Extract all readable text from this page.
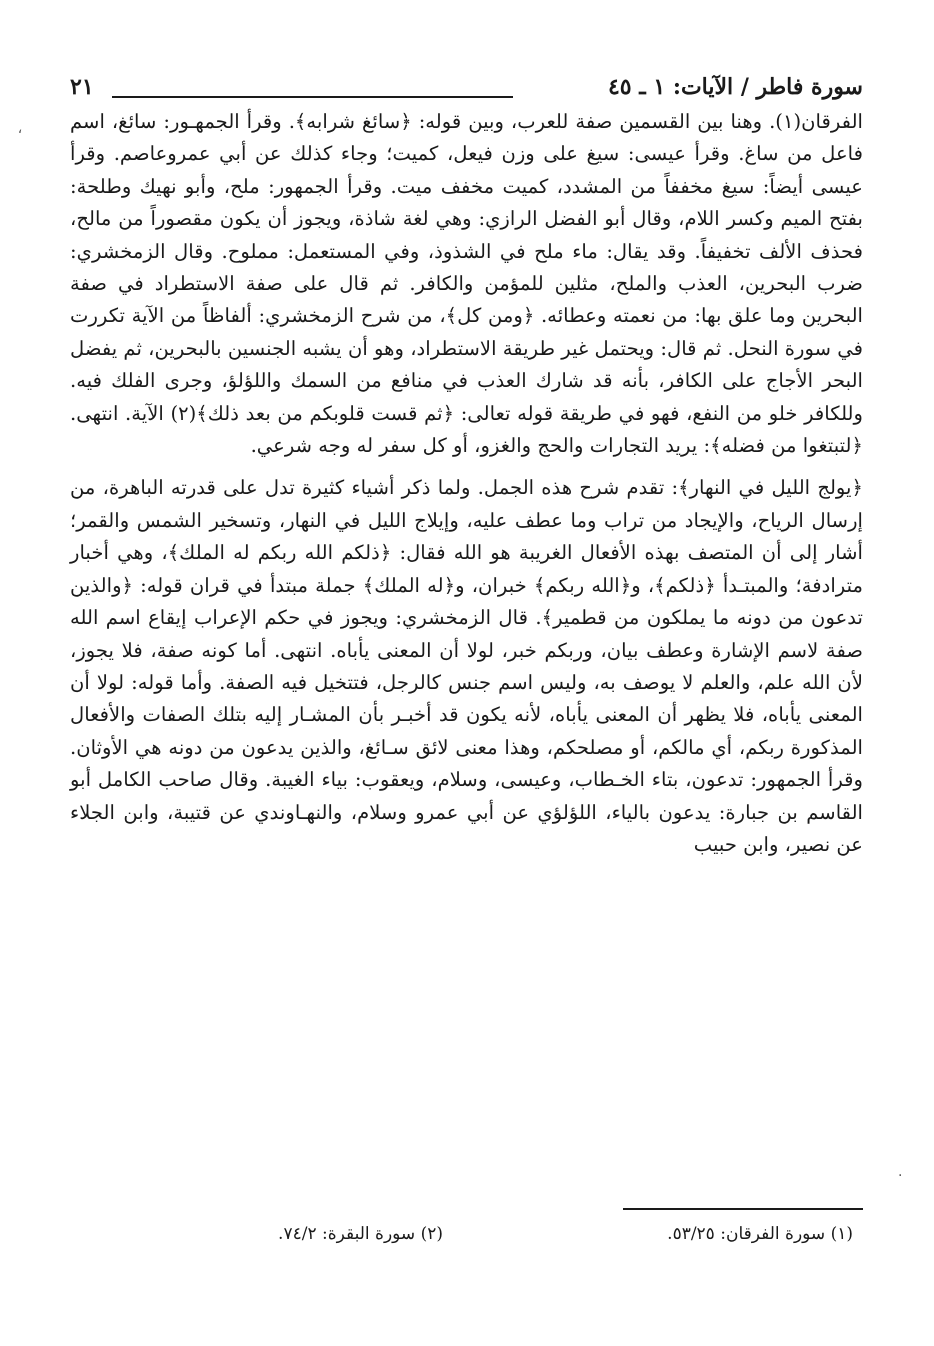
‘
·
سورة فاطر / الآيات: ١ ـ ٤٥
٢١

الفرقان(١). وهنا بين القسمين صفة للعرب، وبين قوله: ﴿سائغ شرابه﴾. وقرأ الجمهـور: سائغ، اسم فاعل من ساغ. وقرأ عيسى: سيغ على وزن فيعل، كميت؛ وجاء كذلك عن أبي عمروعاصم. وقرأ عيسى أيضاً: سيغ مخففاً من المشدد، كميت مخفف ميت. وقرأ الجمهور: ملح، وأبو نهيك وطلحة: بفتح الميم وكسر اللام، وقال أبو الفضل الرازي: وهي لغة شاذة، ويجوز أن يكون مقصوراً من مالح، فحذف الألف تخفيفاً. وقد يقال: ماء ملح في الشذوذ، وفي المستعمل: مملوح. وقال الزمخشري: ضرب البحرين، العذب والملح، مثلين للمؤمن والكافر. ثم قال على صفة الاستطراد في صفة البحرين وما علق بها: من نعمته وعطائه. ﴿ومن كل﴾، من شرح الزمخشري: ألفاظاً من الآية تكررت في سورة النحل. ثم قال: ويحتمل غير طريقة الاستطراد، وهو أن يشبه الجنسين بالبحرين، ثم يفضل البحر الأجاج على الكافر، بأنه قد شارك العذب في منافع من السمك واللؤلؤ، وجرى الفلك فيه. وللكافر خلو من النفع، فهو في طريقة قوله تعالى: ﴿ثم قست قلوبكم من بعد ذلك﴾(٢) الآية. انتهى. ﴿لتبتغوا من فضله﴾: يريد التجارات والحج والغزو، أو كل سفر له وجه شرعي.

﴿يولج الليل في النهار﴾: تقدم شرح هذه الجمل. ولما ذكر أشياء كثيرة تدل على قدرته الباهرة، من إرسال الرياح، والإيجاد من تراب وما عطف عليه، وإيلاج الليل في النهار، وتسخير الشمس والقمر؛ أشار إلى أن المتصف بهذه الأفعال الغريبة هو الله فقال: ﴿ذلكم الله ربكم له الملك﴾، وهي أخبار مترادفة؛ والمبتـدأ ﴿ذلكم﴾، و﴿الله ربكم﴾ خبران، و﴿له الملك﴾ جملة مبتدأ في قران قوله: ﴿والذين تدعون من دونه ما يملكون من قطمير﴾. قال الزمخشري: ويجوز في حكم الإعراب إيقاع اسم الله صفة لاسم الإشارة وعطف بيان، وربكم خبر، لولا أن المعنى يأباه. انتهى. أما كونه صفة، فلا يجوز، لأن الله علم، والعلم لا يوصف به، وليس اسم جنس كالرجل، فتتخيل فيه الصفة. وأما قوله: لولا أن المعنى يأباه، فلا يظهر أن المعنى يأباه، لأنه يكون قد أخبـر بأن المشـار إليه بتلك الصفات والأفعال المذكورة ربكم، أي مالكم، أو مصلحكم، وهذا معنى لائق سـائغ، والذين يدعون من دونه هي الأوثان. وقرأ الجمهور: تدعون، بتاء الخـطاب، وعيسى، وسلام، ويعقوب: بياء الغيبة. وقال صاحب الكامل أبو القاسم بن جبارة: يدعون بالياء، اللؤلؤي عن أبي عمرو وسلام، والنهـاوندي عن قتيبة، وابن الجلاء عن نصير، وابن حبيب

(١) سورة الفرقان: ٥٣/٢٥.
(٢) سورة البقرة: ٧٤/٢.
